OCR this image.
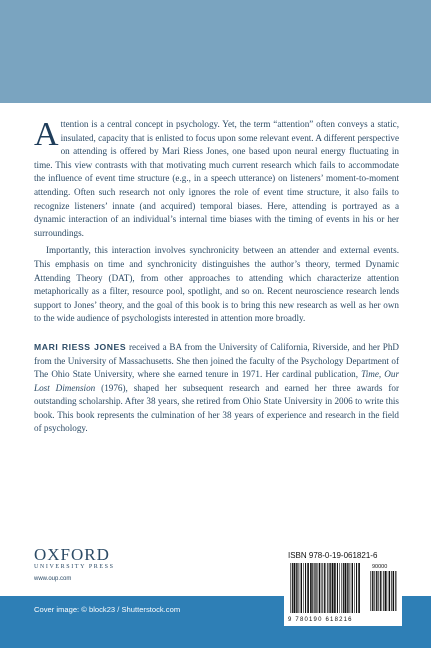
Attention is a central concept in psychology. Yet, the term “attention” often conveys a static, insulated, capacity that is enlisted to focus upon some relevant event. A different perspective on attending is offered by Mari Riess Jones, one based upon neural energy fluctuating in time. This view contrasts with that motivating much current research which fails to accommodate the influence of event time structure (e.g., in a speech utterance) on listeners’ moment-to-moment attending. Often such research not only ignores the role of event time structure, it also fails to recognize listeners’ innate (and acquired) temporal biases. Here, attending is portrayed as a dynamic interaction of an individual’s internal time biases with the timing of events in his or her surroundings.

Importantly, this interaction involves synchronicity between an attender and external events. This emphasis on time and synchronicity distinguishes the author’s theory, termed Dynamic Attending Theory (DAT), from other approaches to attending which characterize attention metaphorically as a filter, resource pool, spotlight, and so on. Recent neuroscience research lends support to Jones’ theory, and the goal of this book is to bring this new research as well as her own to the wide audience of psychologists interested in attention more broadly.

MARI RIESS JONES received a BA from the University of California, Riverside, and her PhD from the University of Massachusetts. She then joined the faculty of the Psychology Department of The Ohio State University, where she earned tenure in 1971. Her cardinal publication, Time, Our Lost Dimension (1976), shaped her subsequent research and earned her three awards for outstanding scholarship. After 38 years, she retired from Ohio State University in 2006 to write this book. This book represents the culmination of her 38 years of experience and research in the field of psychology.

OXFORD
UNIVERSITY PRESS
www.oup.com
Cover image: © block23 / Shutterstock.com
ISBN 978-0-19-061821-6
90000
9 780190 618216
